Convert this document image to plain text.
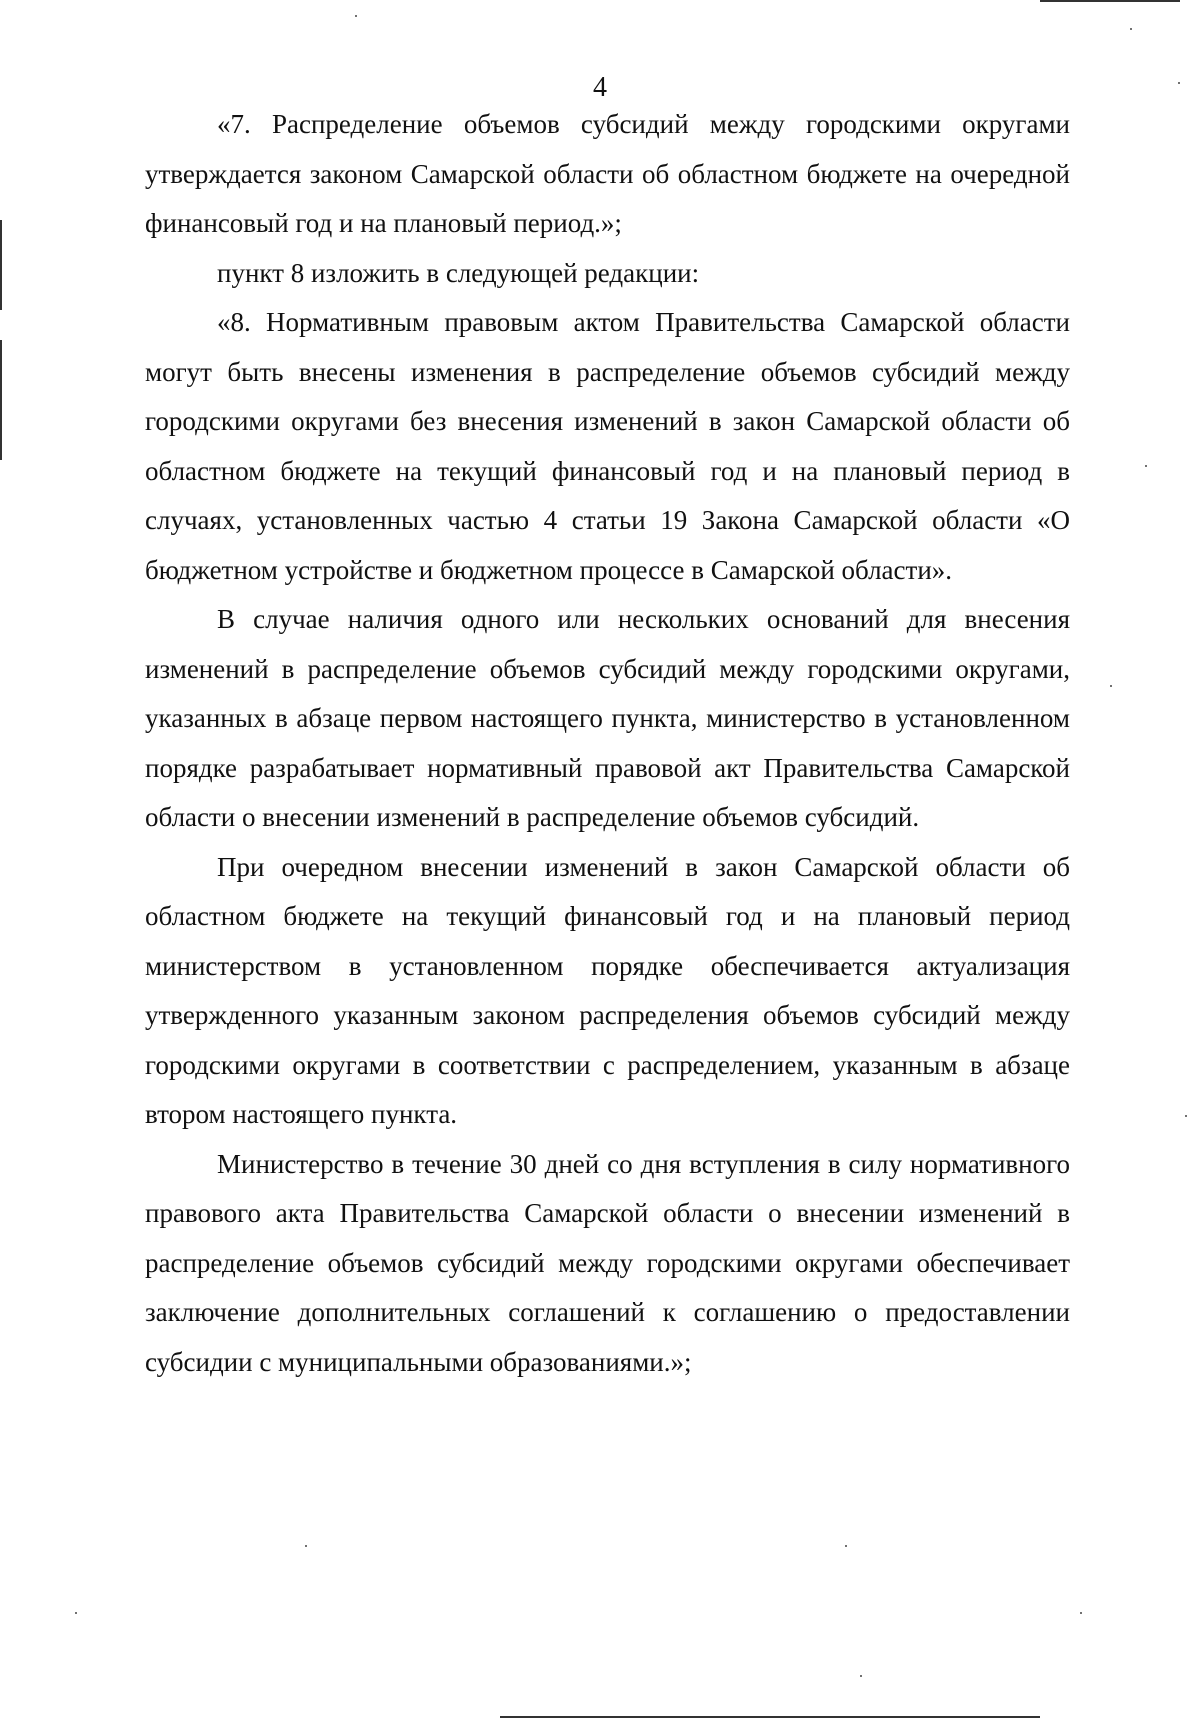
4

«7. Распределение объемов субсидий между городскими округами утверждается законом Самарской области об областном бюджете на очередной финансовый год и на плановый период.»;

пункт 8 изложить в следующей редакции:

«8. Нормативным правовым актом Правительства Самарской области могут быть внесены изменения в распределение объемов субсидий между городскими округами без внесения изменений в закон Самарской области об областном бюджете на текущий финансовый год и на плановый период в случаях, установленных частью 4 статьи 19 Закона Самарской области «О бюджетном устройстве и бюджетном процессе в Самарской области».

В случае наличия одного или нескольких оснований для внесения изменений в распределение объемов субсидий между городскими округами, указанных в абзаце первом настоящего пункта, министерство в установленном порядке разрабатывает нормативный правовой акт Правительства Самарской области о внесении изменений в распределение объемов субсидий.

При очередном внесении изменений в закон Самарской области об областном бюджете на текущий финансовый год и на плановый период министерством в установленном порядке обеспечивается актуализация утвержденного указанным законом распределения объемов субсидий между городскими округами в соответствии с распределением, указанным в абзаце втором настоящего пункта.

Министерство в течение 30 дней со дня вступления в силу нормативного правового акта Правительства Самарской области о внесении изменений в распределение объемов субсидий между городскими округами обеспечивает заключение дополнительных соглашений к соглашению о предоставлении субсидии с муниципальными образованиями.»;
